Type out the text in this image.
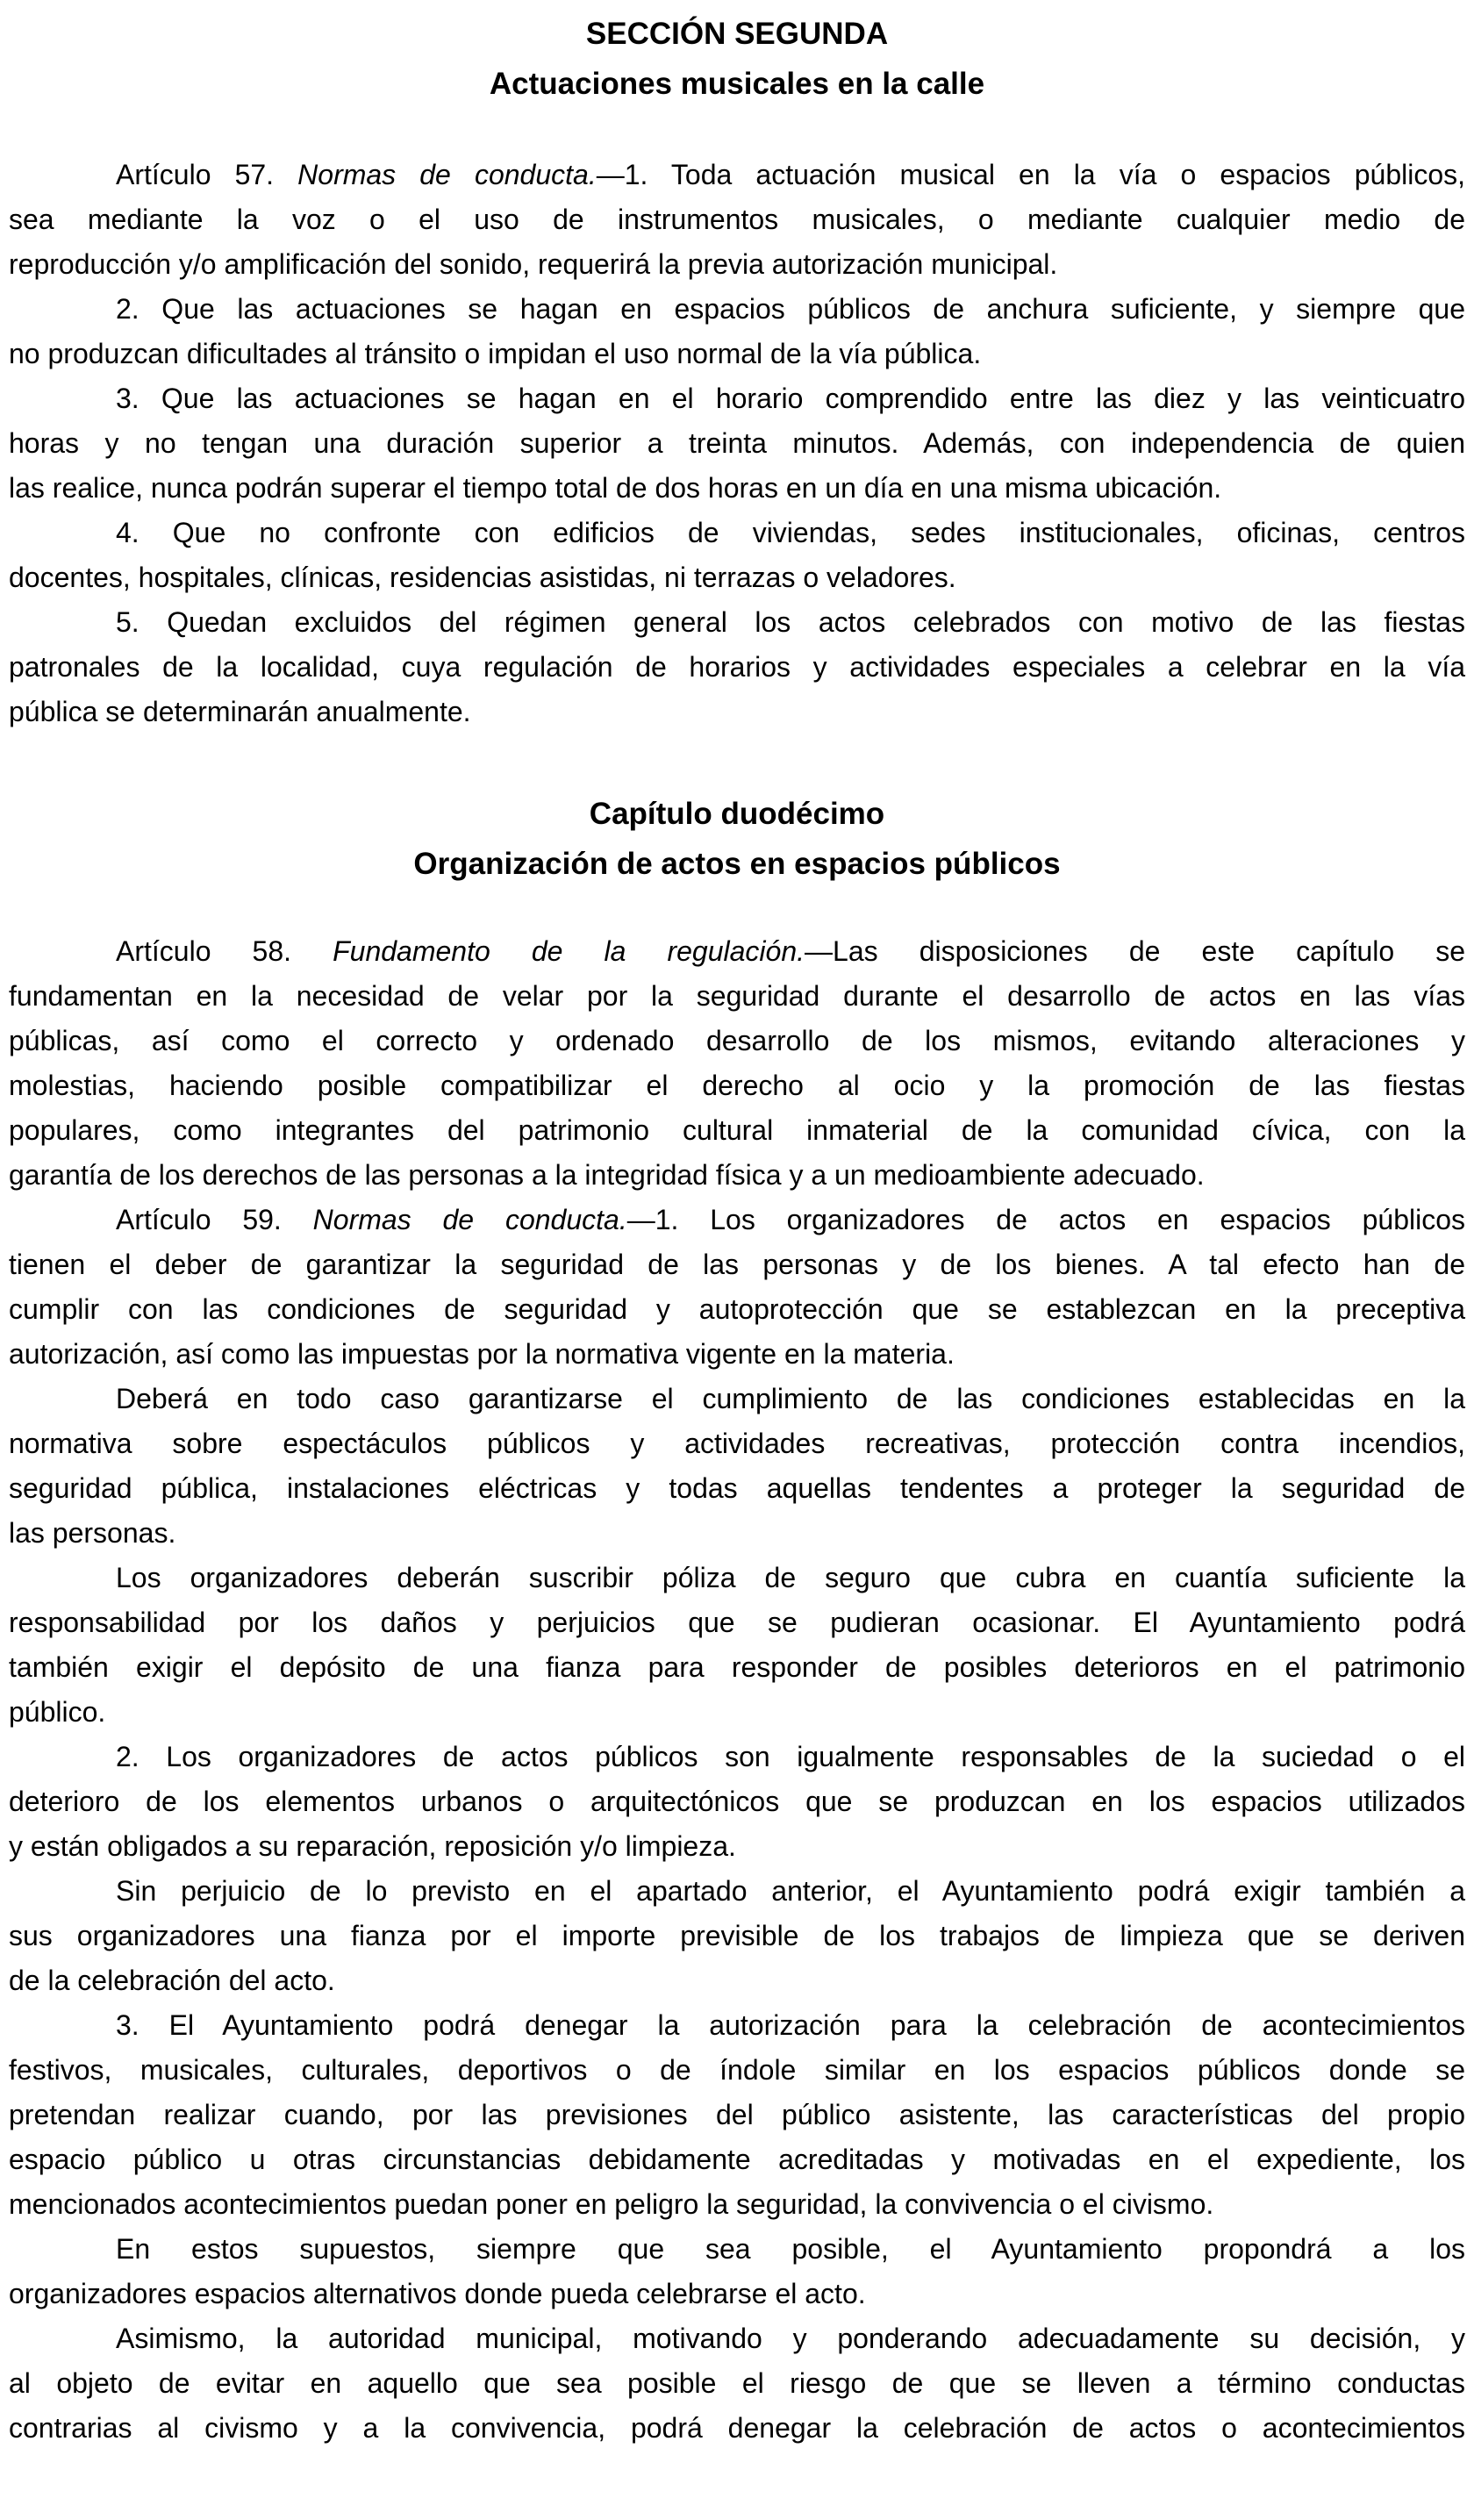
SECCIÓN SEGUNDA
Actuaciones musicales en la calle
Artículo 57. Normas de conducta.—1. Toda actuación musical en la vía o espacios públicos,
sea mediante la voz o el uso de instrumentos musicales, o mediante cualquier medio de
reproducción y/o amplificación del sonido, requerirá la previa autorización municipal.
2. Que las actuaciones se hagan en espacios públicos de anchura suficiente, y siempre que
no produzcan dificultades al tránsito o impidan el uso normal de la vía pública.
3. Que las actuaciones se hagan en el horario comprendido entre las diez y las veinticuatro
horas y no tengan una duración superior a treinta minutos. Además, con independencia de quien
las realice, nunca podrán superar el tiempo total de dos horas en un día en una misma ubicación.
4. Que no confronte con edificios de viviendas, sedes institucionales, oficinas, centros
docentes, hospitales, clínicas, residencias asistidas, ni terrazas o veladores.
5. Quedan excluidos del régimen general los actos celebrados con motivo de las fiestas
patronales de la localidad, cuya regulación de horarios y actividades especiales a celebrar en la vía
pública se determinarán anualmente.
Capítulo duodécimo
Organización de actos en espacios públicos
Artículo 58. Fundamento de la regulación.—Las disposiciones de este capítulo se
fundamentan en la necesidad de velar por la seguridad durante el desarrollo de actos en las vías
públicas, así como el correcto y ordenado desarrollo de los mismos, evitando alteraciones y
molestias, haciendo posible compatibilizar el derecho al ocio y la promoción de las fiestas
populares, como integrantes del patrimonio cultural inmaterial de la comunidad cívica, con la
garantía de los derechos de las personas a la integridad física y a un medioambiente adecuado.
Artículo 59. Normas de conducta.—1. Los organizadores de actos en espacios públicos
tienen el deber de garantizar la seguridad de las personas y de los bienes. A tal efecto han de
cumplir con las condiciones de seguridad y autoprotección que se establezcan en la preceptiva
autorización, así como las impuestas por la normativa vigente en la materia.
Deberá en todo caso garantizarse el cumplimiento de las condiciones establecidas en la
normativa sobre espectáculos públicos y actividades recreativas, protección contra incendios,
seguridad pública, instalaciones eléctricas y todas aquellas tendentes a proteger la seguridad de
las personas.
Los organizadores deberán suscribir póliza de seguro que cubra en cuantía suficiente la
responsabilidad por los daños y perjuicios que se pudieran ocasionar. El Ayuntamiento podrá
también exigir el depósito de una fianza para responder de posibles deterioros en el patrimonio
público.
2. Los organizadores de actos públicos son igualmente responsables de la suciedad o el
deterioro de los elementos urbanos o arquitectónicos que se produzcan en los espacios utilizados
y están obligados a su reparación, reposición y/o limpieza.
Sin perjuicio de lo previsto en el apartado anterior, el Ayuntamiento podrá exigir también a
sus organizadores una fianza por el importe previsible de los trabajos de limpieza que se deriven
de la celebración del acto.
3. El Ayuntamiento podrá denegar la autorización para la celebración de acontecimientos
festivos, musicales, culturales, deportivos o de índole similar en los espacios públicos donde se
pretendan realizar cuando, por las previsiones del público asistente, las características del propio
espacio público u otras circunstancias debidamente acreditadas y motivadas en el expediente, los
mencionados acontecimientos puedan poner en peligro la seguridad, la convivencia o el civismo.
En estos supuestos, siempre que sea posible, el Ayuntamiento propondrá a los
organizadores espacios alternativos donde pueda celebrarse el acto.
Asimismo, la autoridad municipal, motivando y ponderando adecuadamente su decisión, y
al objeto de evitar en aquello que sea posible el riesgo de que se lleven a término conductas
contrarias al civismo y a la convivencia, podrá denegar la celebración de actos o acontecimientos
